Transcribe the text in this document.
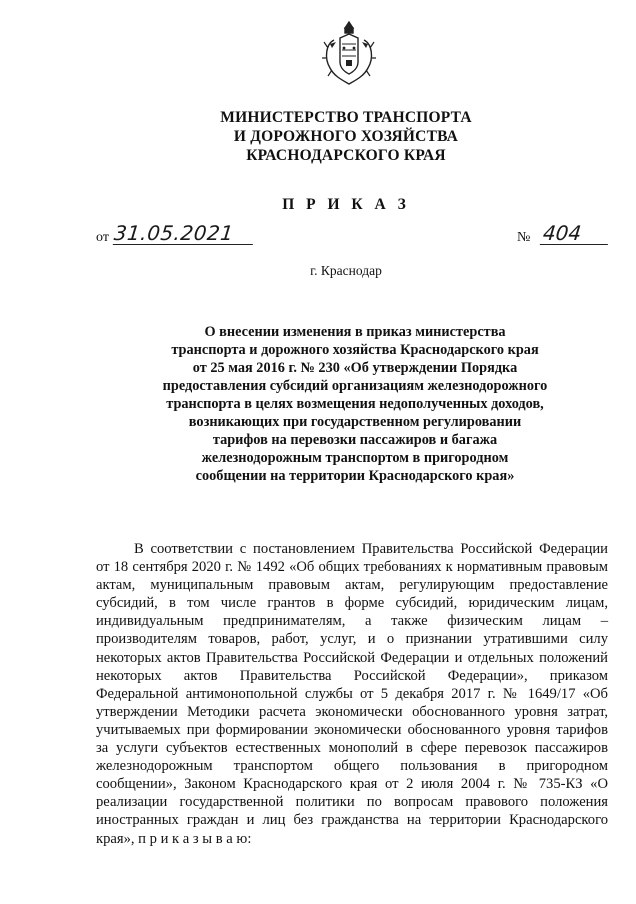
МИНИСТЕРСТВО ТРАНСПОРТА
И ДОРОЖНОГО ХОЗЯЙСТВА
КРАСНОДАРСКОГО КРАЯ
П Р И К А З
от 31.05.2021	№ 404
г. Краснодар
О внесении изменения в приказ министерства
транспорта и дорожного хозяйства Краснодарского края
от 25 мая 2016 г. № 230 «Об утверждении Порядка
предоставления субсидий организациям железнодорожного
транспорта в целях возмещения недополученных доходов,
возникающих при государственном регулировании
тарифов на перевозки пассажиров и багажа
железнодорожным транспортом в пригородном
сообщении на территории Краснодарского края»
В соответствии с постановлением Правительства Российской Федерации
от 18 сентября 2020 г. № 1492 «Об общих требованиях к нормативным правовым
актам, муниципальным правовым актам, регулирующим предоставление
субсидий, в том числе грантов в форме субсидий, юридическим лицам,
индивидуальным предпринимателям, а также физическим лицам –
производителям товаров, работ, услуг, и о признании утратившими силу
некоторых актов Правительства Российской Федерации и отдельных положений
некоторых актов Правительства Российской Федерации», приказом
Федеральной антимонопольной службы от 5 декабря 2017 г. № 1649/17 «Об
утверждении Методики расчета экономически обоснованного уровня затрат,
учитываемых при формировании экономически обоснованного уровня тарифов
за услуги субъектов естественных монополий в сфере перевозок пассажиров
железнодорожным транспортом общего пользования в пригородном
сообщении», Законом Краснодарского края от 2 июля 2004 г. № 735-КЗ «О
реализации государственной политики по вопросам правового положения
иностранных граждан и лиц без гражданства на территории Краснодарского
края», п р и к а з ы в а ю:
